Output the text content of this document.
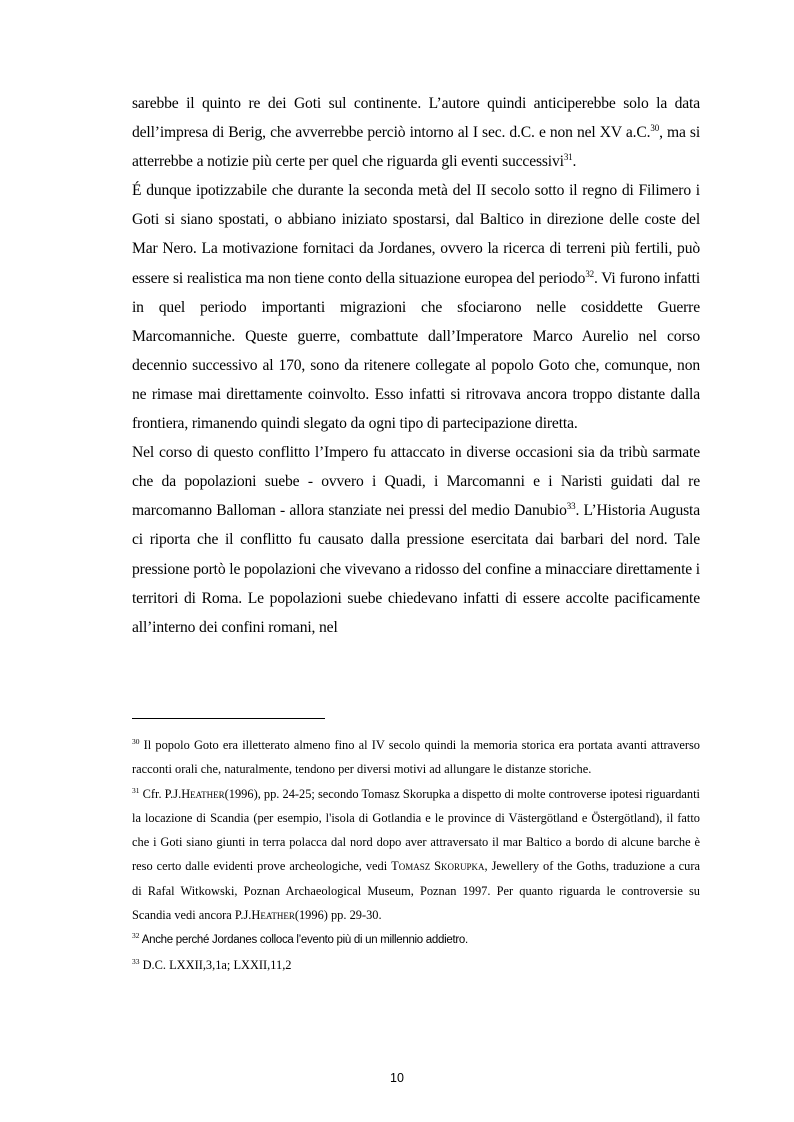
sarebbe il quinto re dei Goti sul continente. L’autore quindi anticiperebbe solo la data dell’impresa di Berig, che avverrebbe perciò intorno al I sec. d.C. e non nel XV a.C.$^{30}$, ma si atterrebbe a notizie più certe per quel che riguarda gli eventi successivi$^{31}$.

É dunque ipotizzabile che durante la seconda metà del II secolo sotto il regno di Filimero i Goti si siano spostati, o abbiano iniziato spostarsi, dal Baltico in direzione delle coste del Mar Nero. La motivazione fornitaci da Jordanes, ovvero la ricerca di terreni più fertili, può essere si realistica ma non tiene conto della situazione europea del periodo$^{32}$. Vi furono infatti in quel periodo importanti migrazioni che sfociarono nelle cosiddette Guerre Marcomanniche. Queste guerre, combattute dall’Imperatore Marco Aurelio nel corso decennio successivo al 170, sono da ritenere collegate al popolo Goto che, comunque, non ne rimase mai direttamente coinvolto. Esso infatti si ritrovava ancora troppo distante dalla frontiera, rimanendo quindi slegato da ogni tipo di partecipazione diretta.

Nel corso di questo conflitto l’Impero fu attaccato in diverse occasioni sia da tribù sarmate che da popolazioni suebe - ovvero i Quadi, i Marcomanni e i Naristi guidati dal re marcomanno Balloman - allora stanziate nei pressi del medio Danubio$^{33}$. L’Historia Augusta ci riporta che il conflitto fu causato dalla pressione esercitata dai barbari del nord. Tale pressione portò le popolazioni che vivevano a ridosso del confine a minacciare direttamente i territori di Roma. Le popolazioni suebe chiedevano infatti di essere accolte pacificamente all’interno dei confini romani, nel

$^{30}$ Il popolo Goto era illetterato almeno fino al IV secolo quindi la memoria storica era portata avanti attraverso racconti orali che, naturalmente, tendono per diversi motivi ad allungare le distanze storiche.

$^{31}$ Cfr. P.J.Heather(1996), pp. 24-25; secondo Tomasz Skorupka a dispetto di molte controverse ipotesi riguardanti la locazione di Scandia (per esempio, l'isola di Gotlandia e le province di Västergötland e Östergötland), il fatto che i Goti siano giunti in terra polacca dal nord dopo aver attraversato il mar Baltico a bordo di alcune barche è reso certo dalle evidenti prove archeologiche, vedi Tomasz Skorupka, Jewellery of the Goths, traduzione a cura di Rafal Witkowski, Poznan Archaeological Museum, Poznan 1997. Per quanto riguarda le controversie su Scandia vedi ancora P.J.Heather(1996) pp. 29-30.

$^{32}$ Anche perché Jordanes colloca l’evento più di un millennio addietro.

$^{33}$ D.C. LXXII,3,1a; LXXII,11,2

10
